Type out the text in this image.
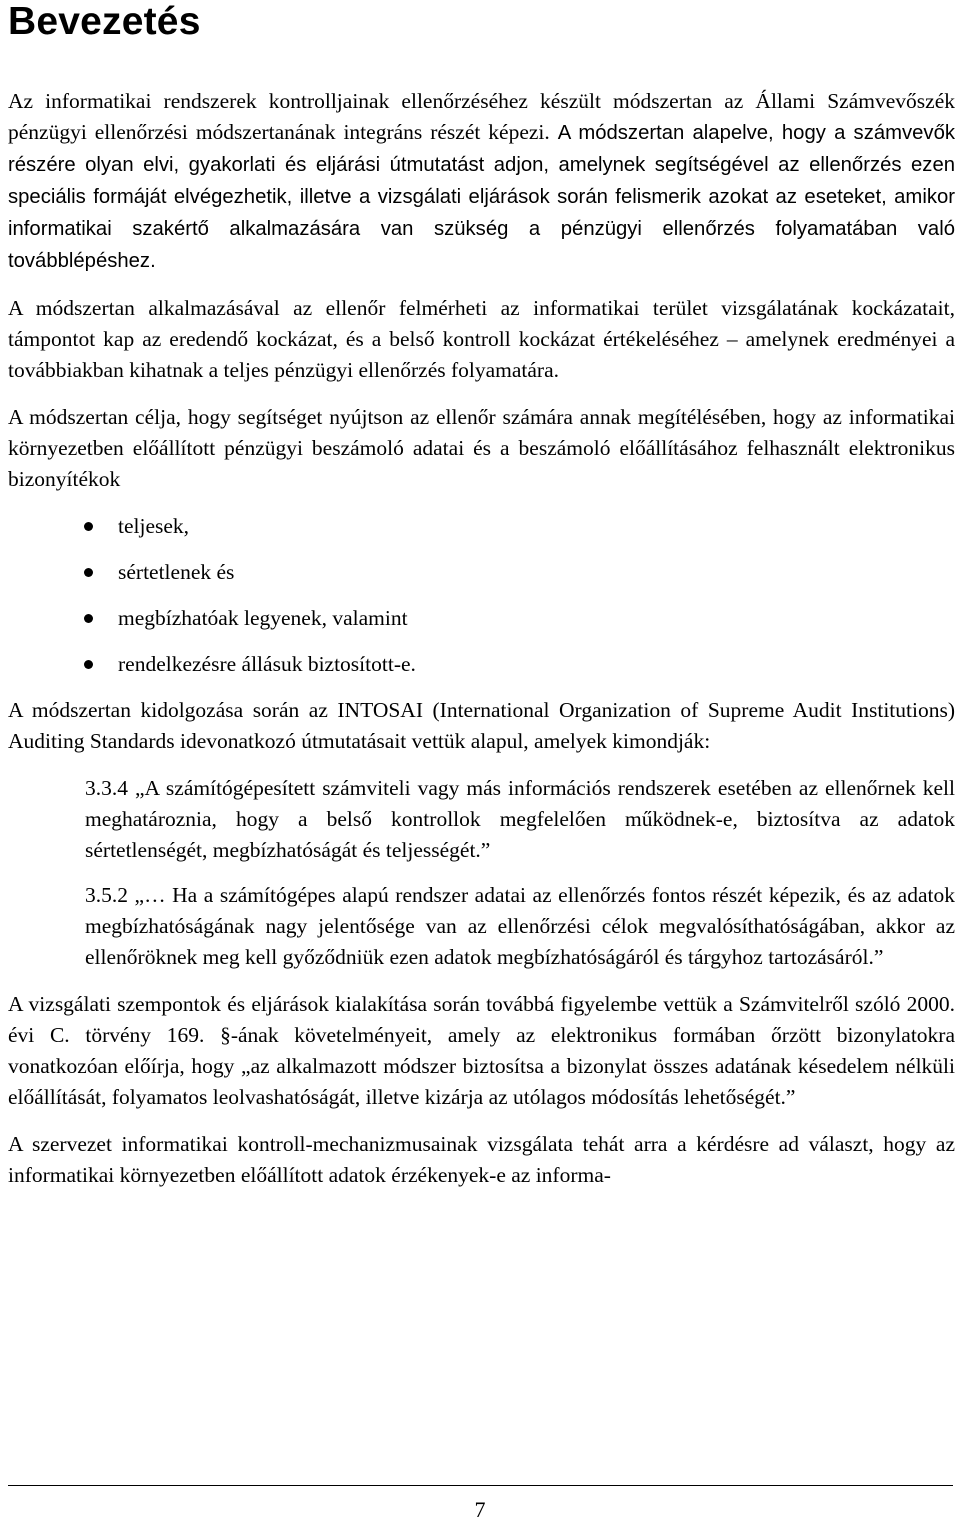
Bevezetés

Az informatikai rendszerek kontrolljainak ellenőrzéséhez készült módszertan az Állami Számvevőszék pénzügyi ellenőrzési módszertanának integráns részét képezi. A módszertan alapelve, hogy a számvevők részére olyan elvi, gyakorlati és eljárási útmutatást adjon, amelynek segítségével az ellenőrzés ezen speciális formáját elvégezhetik, illetve a vizsgálati eljárások során felismerik azokat az eseteket, amikor informatikai szakértő alkalmazására van szükség a pénzügyi ellenőrzés folyamatában való továbblépéshez.

A módszertan alkalmazásával az ellenőr felmérheti az informatikai terület vizsgálatának kockázatait, támpontot kap az eredendő kockázat, és a belső kontroll kockázat értékeléséhez – amelynek eredményei a továbbiakban kihatnak a teljes pénzügyi ellenőrzés folyamatára.

A módszertan célja, hogy segítséget nyújtson az ellenőr számára annak megítélésében, hogy az informatikai környezetben előállított pénzügyi beszámoló adatai és a beszámoló előállításához felhasznált elektronikus bizonyítékok

teljesek,
sértetlenek és
megbízhatóak legyenek, valamint
rendelkezésre állásuk biztosított-e.

A módszertan kidolgozása során az INTOSAI (International Organization of Supreme Audit Institutions) Auditing Standards idevonatkozó útmutatásait vettük alapul, amelyek kimondják:

3.3.4 „A számítógépesített számviteli vagy más információs rendszerek esetében az ellenőrnek kell meghatároznia, hogy a belső kontrollok megfelelően működnek-e, biztosítva az adatok sértetlenségét, megbízhatóságát és teljességét.”

3.5.2 „… Ha a számítógépes alapú rendszer adatai az ellenőrzés fontos részét képezik, és az adatok megbízhatóságának nagy jelentősége van az ellenőrzési célok megvalósíthatóságában, akkor az ellenőröknek meg kell győződniük ezen adatok megbízhatóságáról és tárgyhoz tartozásáról.”

A vizsgálati szempontok és eljárások kialakítása során továbbá figyelembe vettük a Számvitelről szóló 2000. évi C. törvény 169. §-ának követelményeit, amely az elektronikus formában őrzött bizonylatokra vonatkozóan előírja, hogy „az alkalmazott módszer biztosítsa a bizonylat összes adatának késedelem nélküli előállítását, folyamatos leolvashatóságát, illetve kizárja az utólagos módosítás lehetőségét.”

A szervezet informatikai kontroll-mechanizmusainak vizsgálata tehát arra a kérdésre ad választ, hogy az informatikai környezetben előállított adatok érzékenyek-e az informa-

7
